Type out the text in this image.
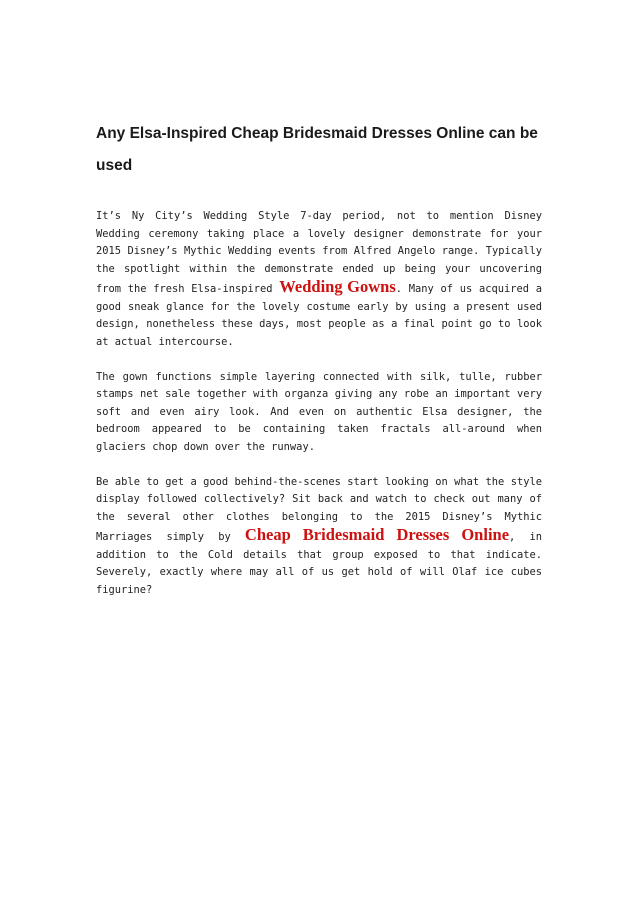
Any Elsa-Inspired Cheap Bridesmaid Dresses Online can be used

It’s Ny City’s Wedding Style 7-day period, not to mention Disney Wedding ceremony taking place a lovely designer demonstrate for your 2015 Disney’s Mythic Wedding events from Alfred Angelo range. Typically the spotlight within the demonstrate ended up being your uncovering from the fresh Elsa-inspired Wedding Gowns. Many of us acquired a good sneak glance for the lovely costume early by using a present used design, nonetheless these days, most people as a final point go to look at actual intercourse.

The gown functions simple layering connected with silk, tulle, rubber stamps net sale together with organza giving any robe an important very soft and even airy look. And even on authentic Elsa designer, the bedroom appeared to be containing taken fractals all-around when glaciers chop down over the runway.

Be able to get a good behind-the-scenes start looking on what the style display followed collectively? Sit back and watch to check out many of the several other clothes belonging to the 2015 Disney’s Mythic Marriages simply by Cheap Bridesmaid Dresses Online, in addition to the Cold details that group exposed to that indicate. Severely, exactly where may all of us get hold of will Olaf ice cubes figurine?
